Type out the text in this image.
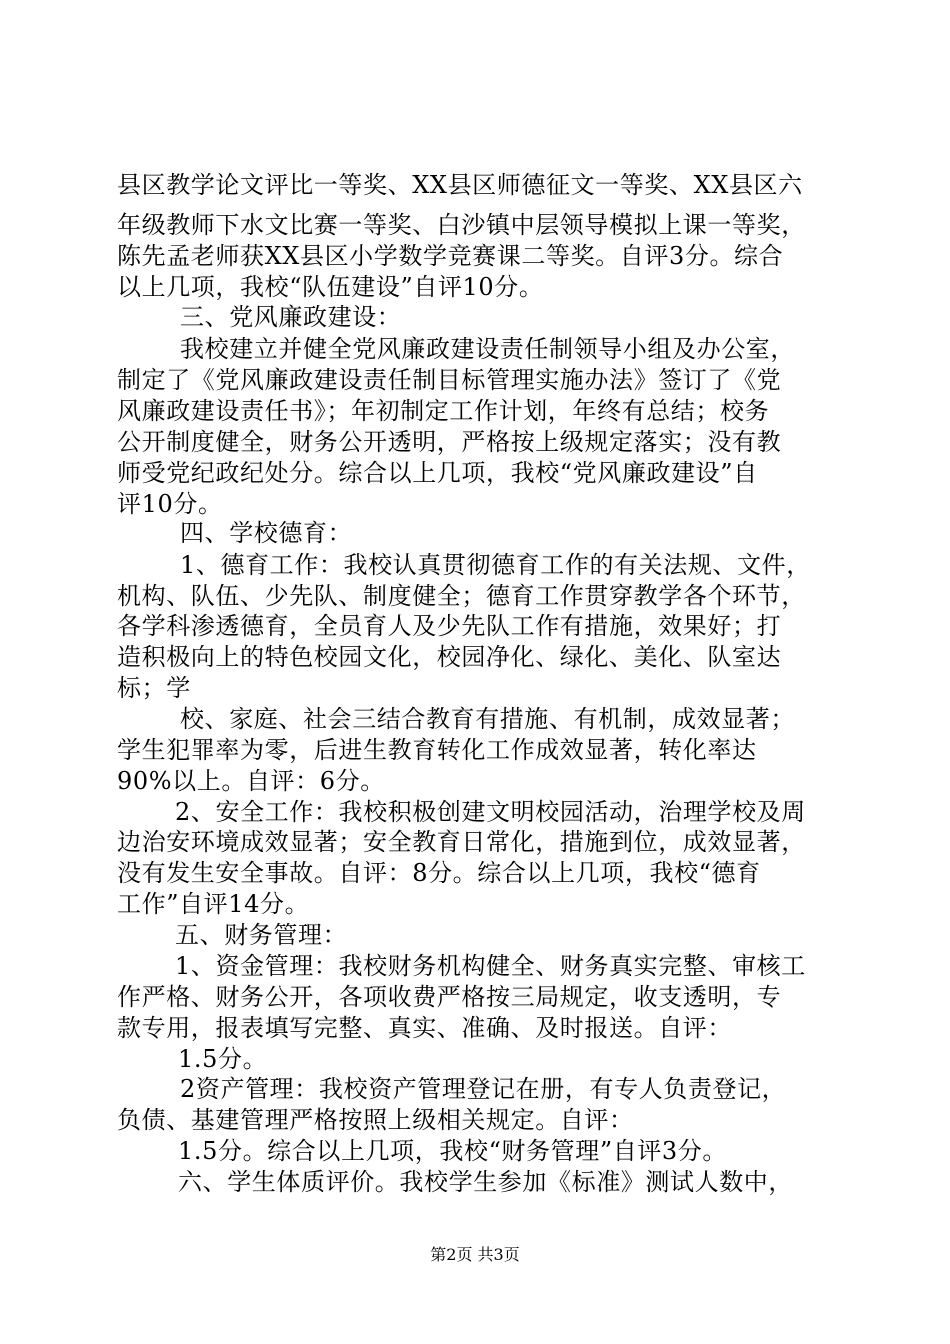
县区教学论文评比一等奖、XX县区师德征文一等奖、XX县区六
年级教师下水文比赛一等奖、白沙镇中层领导模拟上课一等奖，
陈先孟老师获XX县区小学数学竞赛课二等奖。自评3分。综合
以上几项，我校“队伍建设”自评10分。
三、党风廉政建设：
我校建立并健全党风廉政建设责任制领导小组及办公室，
制定了《党风廉政建设责任制目标管理实施办法》签订了《党
风廉政建设责任书》；年初制定工作计划，年终有总结；校务
公开制度健全，财务公开透明，严格按上级规定落实；没有教
师受党纪政纪处分。综合以上几项，我校“党风廉政建设”自
评10分。
四、学校德育：
1、德育工作：我校认真贯彻德育工作的有关法规、文件，
机构、队伍、少先队、制度健全；德育工作贯穿教学各个环节，
各学科渗透德育，全员育人及少先队工作有措施，效果好；打
造积极向上的特色校园文化，校园净化、绿化、美化、队室达
标；学
校、家庭、社会三结合教育有措施、有机制，成效显著；
学生犯罪率为零，后进生教育转化工作成效显著，转化率达
90%以上。自评：6分。
2、安全工作：我校积极创建文明校园活动，治理学校及周
边治安环境成效显著；安全教育日常化，措施到位，成效显著，
没有发生安全事故。自评：8分。综合以上几项，我校“德育
工作”自评14分。
五、财务管理：
1、资金管理：我校财务机构健全、财务真实完整、审核工
作严格、财务公开，各项收费严格按三局规定，收支透明，专
款专用，报表填写完整、真实、准确、及时报送。自评：
1.5分。
2资产管理：我校资产管理登记在册，有专人负责登记，
负债、基建管理严格按照上级相关规定。自评：
1.5分。综合以上几项，我校“财务管理”自评3分。
六、学生体质评价。我校学生参加《标准》测试人数中，
第2页 共3页
